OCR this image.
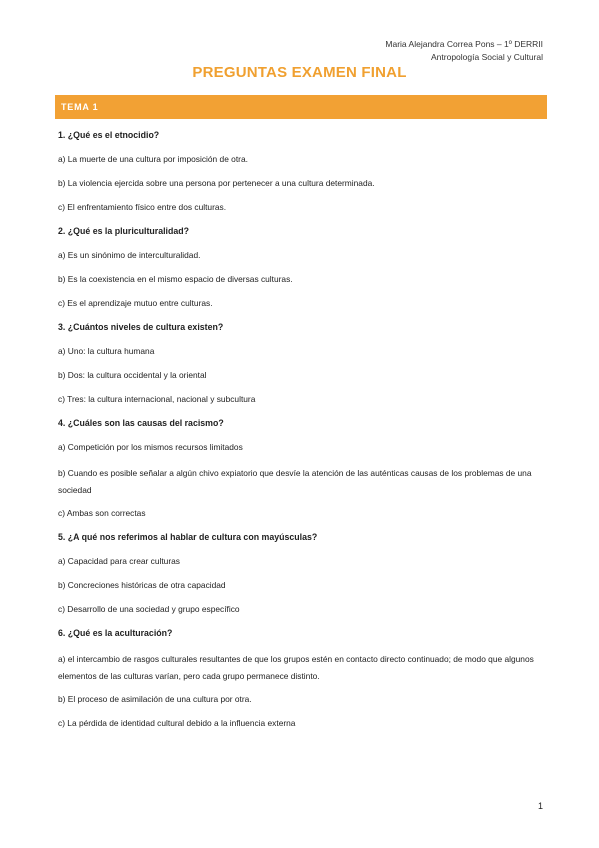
Maria Alejandra Correa Pons – 1º DERRII
Antropología Social y Cultural
PREGUNTAS EXAMEN FINAL
TEMA 1
1. ¿Qué es el etnocidio?
a) La muerte de una cultura por imposición de otra.
b) La violencia ejercida sobre una persona por pertenecer a una cultura determinada.
c) El enfrentamiento físico entre dos culturas.
2. ¿Qué es la pluriculturalidad?
a) Es un sinónimo de interculturalidad.
b) Es la coexistencia en el mismo espacio de diversas culturas.
c) Es el aprendizaje mutuo entre culturas.
3. ¿Cuántos niveles de cultura existen?
a) Uno: la cultura humana
b) Dos: la cultura occidental y la oriental
c) Tres: la cultura internacional, nacional y subcultura
4. ¿Cuáles son las causas del racismo?
a) Competición por los mismos recursos limitados
b) Cuando es posible señalar a algún chivo expiatorio que desvíe la atención de las auténticas causas de los problemas de una sociedad
c) Ambas son correctas
5. ¿A qué nos referimos al hablar de cultura con mayúsculas?
a) Capacidad para crear culturas
b) Concreciones históricas de otra capacidad
c) Desarrollo de una sociedad y grupo específico
6. ¿Qué es la aculturación?
a) el intercambio de rasgos culturales resultantes de que los grupos estén en contacto directo continuado; de modo que algunos elementos de las culturas varían, pero cada grupo permanece distinto.
b) El proceso de asimilación de una cultura por otra.
c) La pérdida de identidad cultural debido a la influencia externa
1
